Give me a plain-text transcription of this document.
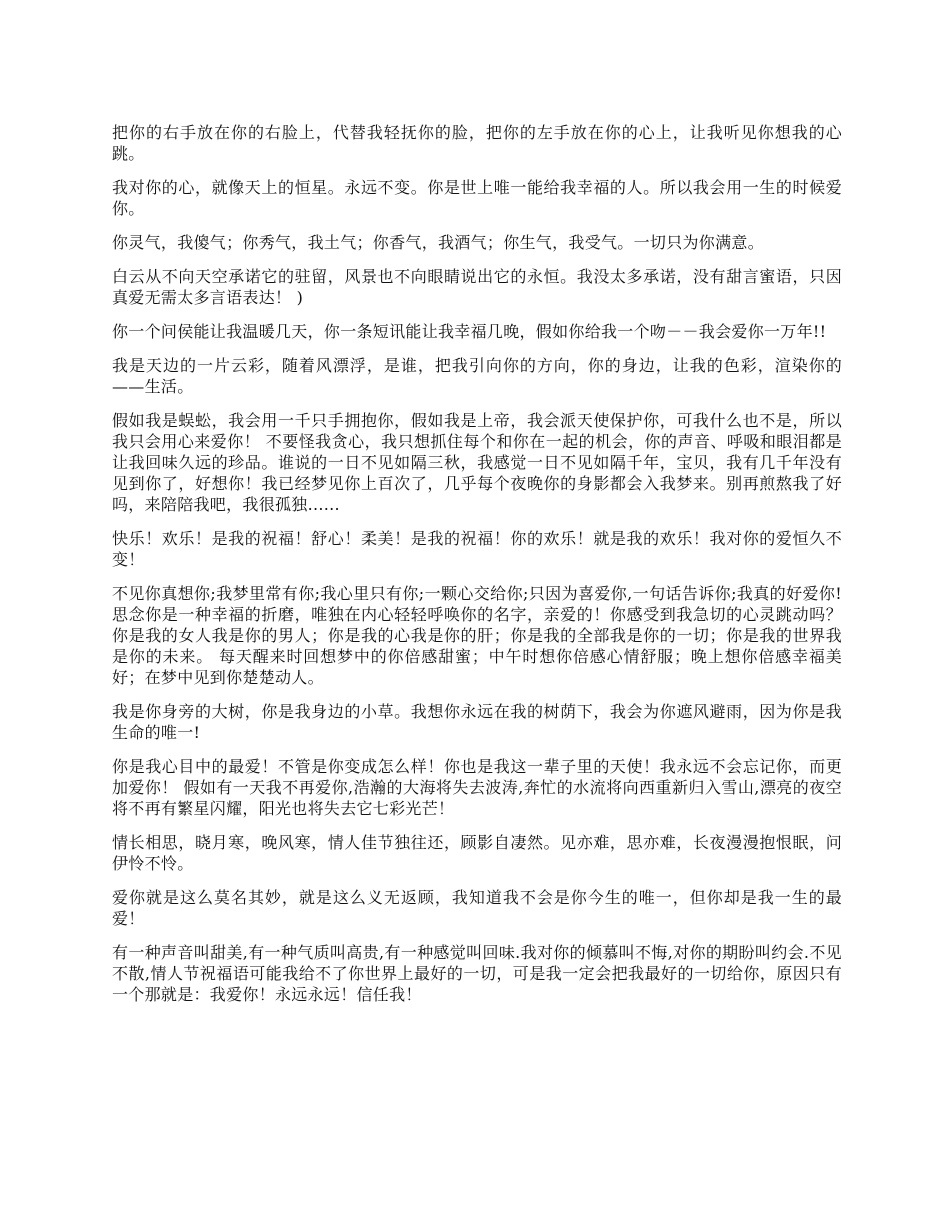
把你的右手放在你的右脸上，代替我轻抚你的脸，把你的左手放在你的心上，让我听见你想我的心跳。

我对你的心，就像天上的恒星。永远不变。你是世上唯一能给我幸福的人。所以我会用一生的时候爱你。

你灵气，我傻气；你秀气，我土气；你香气，我酒气；你生气，我受气。一切只为你满意。

白云从不向天空承诺它的驻留，风景也不向眼睛说出它的永恒。我没太多承诺，没有甜言蜜语，只因真爱无需太多言语表达！ )

你一个问侯能让我温暖几天，你一条短讯能让我幸福几晚，假如你给我一个吻－－我会爱你一万年!!

我是天边的一片云彩，随着风漂浮，是谁，把我引向你的方向，你的身边，让我的色彩，渲染你的——生活。

假如我是蜈蚣，我会用一千只手拥抱你，假如我是上帝，我会派天使保护你，可我什么也不是，所以我只会用心来爱你！ 不要怪我贪心，我只想抓住每个和你在一起的机会，你的声音、呼吸和眼泪都是让我回味久远的珍品。谁说的一日不见如隔三秋，我感觉一日不见如隔千年，宝贝，我有几千年没有见到你了，好想你！我已经梦见你上百次了，几乎每个夜晚你的身影都会入我梦来。别再煎熬我了好吗，来陪陪我吧，我很孤独......

快乐！欢乐！是我的祝福！舒心！柔美！是我的祝福！你的欢乐！就是我的欢乐！我对你的爱恒久不变！

不见你真想你;我梦里常有你;我心里只有你;一颗心交给你;只因为喜爱你,一句话告诉你;我真的好爱你! 思念你是一种幸福的折磨，唯独在内心轻轻呼唤你的名字，亲爱的！你感受到我急切的心灵跳动吗？你是我的女人我是你的男人；你是我的心我是你的肝；你是我的全部我是你的一切；你是我的世界我是你的未来。 每天醒来时回想梦中的你倍感甜蜜；中午时想你倍感心情舒服；晚上想你倍感幸福美好；在梦中见到你楚楚动人。

我是你身旁的大树，你是我身边的小草。我想你永远在我的树荫下，我会为你遮风避雨，因为你是我生命的唯一!

你是我心目中的最爱！不管是你变成怎么样！你也是我这一辈子里的天使！我永远不会忘记你，而更加爱你！ 假如有一天我不再爱你,浩瀚的大海将失去波涛,奔忙的水流将向西重新归入雪山,漂亮的夜空将不再有繁星闪耀，阳光也将失去它七彩光芒！

情长相思，晓月寒，晚风寒，情人佳节独往还，顾影自凄然。见亦难，思亦难，长夜漫漫抱恨眠，问伊怜不怜。

爱你就是这么莫名其妙，就是这么义无返顾，我知道我不会是你今生的唯一，但你却是我一生的最爱！

有一种声音叫甜美,有一种气质叫高贵,有一种感觉叫回味.我对你的倾慕叫不悔,对你的期盼叫约会.不见不散,情人节祝福语可能我给不了你世界上最好的一切，可是我一定会把我最好的一切给你，原因只有一个那就是：我爱你！永远永远！信任我！
